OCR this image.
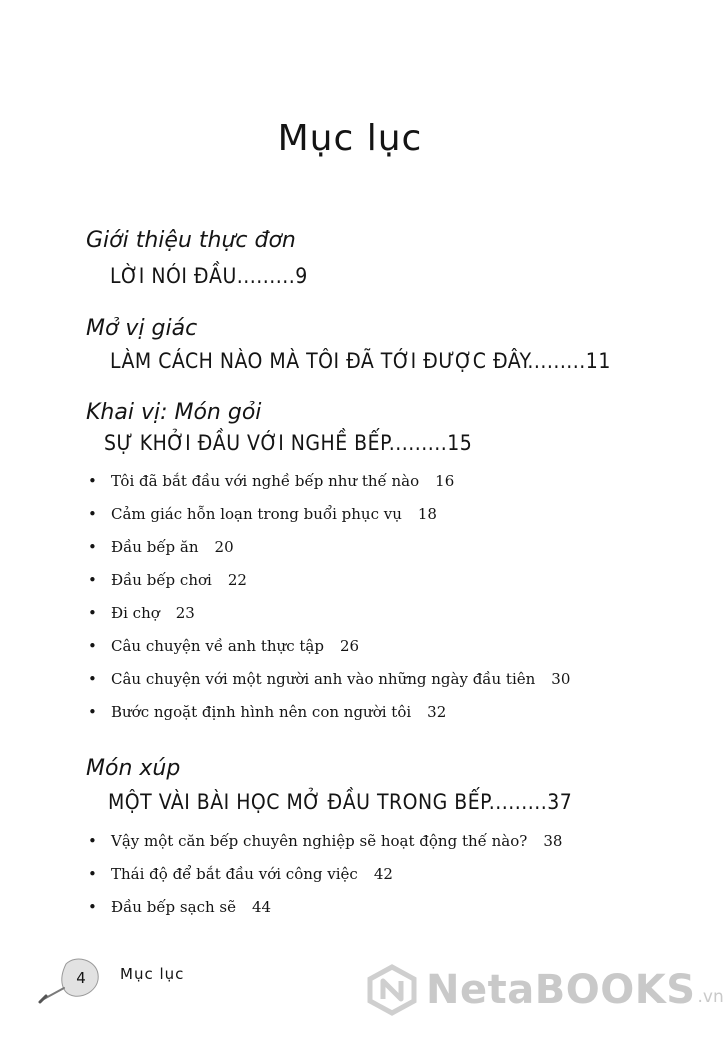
Mục lục
Giới thiệu thực đơn
LỜI NÓI ĐẦU.........9
Mở vị giác
LÀM CÁCH NÀO MÀ TÔI ĐÃ TỚI ĐƯỢC ĐÂY.........11
Khai vị: Món gỏi
SỰ KHỞI ĐẦU VỚI NGHỀ BẾP.........15
• Tôi đã bắt đầu với nghề bếp như thế nào 16
• Cảm giác hỗn loạn trong buổi phục vụ 18
• Đầu bếp ăn 20
• Đầu bếp chơi 22
• Đi chợ 23
• Câu chuyện về anh thực tập 26
• Câu chuyện với một người anh vào những ngày đầu tiên 30
• Bước ngoặt định hình nên con người tôi 32
Món xúp
MỘT VÀI BÀI HỌC MỞ ĐẦU TRONG BẾP.........37
• Vậy một căn bếp chuyên nghiệp sẽ hoạt động thế nào? 38
• Thái độ để bắt đầu với công việc 42
• Đầu bếp sạch sẽ 44
4	Mục lục	NetaBOOKS .vn
